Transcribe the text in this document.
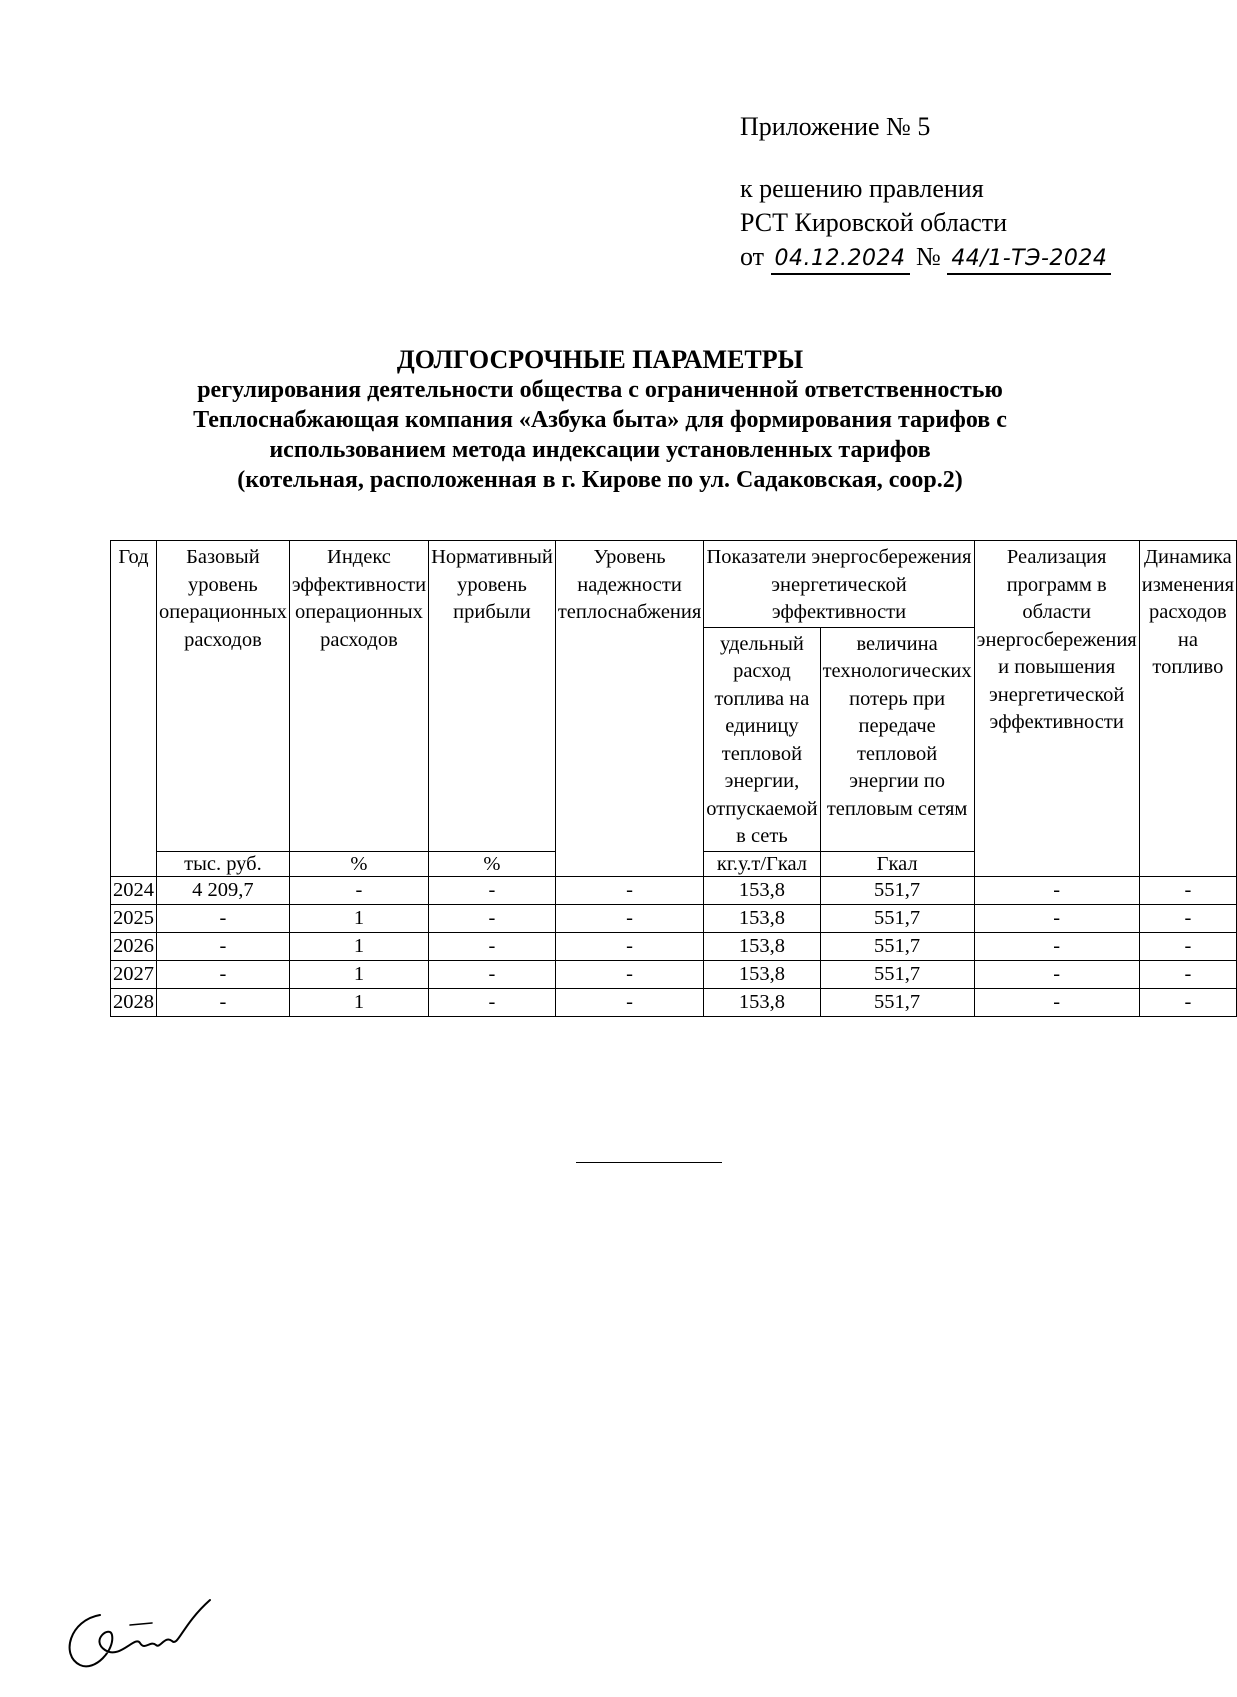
Приложение № 5
к решению правления
РСТ Кировской области
от 04.12.2024 № 44/1-ТЭ-2024
ДОЛГОСРОЧНЫЕ ПАРАМЕТРЫ
регулирования деятельности общества с ограниченной ответственностью
Теплоснабжающая компания «Азбука быта» для формирования тарифов с
использованием метода индексации установленных тарифов
(котельная, расположенная в г. Кирове по ул. Садаковская, соор.2)
Год	Базовый уровень операционных расходов	Индекс эффективности операционных расходов	Нормативный уровень прибыли	Уровень надежности теплоснабжения	Показатели энергосбережения энергетической эффективности		Реализация программ в области энергосбережения и повышения энергетической эффективности	Динамика изменения расходов на топливо
					удельный расход топлива на единицу тепловой энергии, отпускаемой в сеть	величина технологических потерь при передаче тепловой энергии по тепловым сетям		
	тыс. руб.	%	%		кг.у.т/Гкал	Гкал		
2024	4 209,7	-	-	-	153,8	551,7	-	-
2025	-	1	-	-	153,8	551,7	-	-
2026	-	1	-	-	153,8	551,7	-	-
2027	-	1	-	-	153,8	551,7	-	-
2028	-	1	-	-	153,8	551,7	-	-
